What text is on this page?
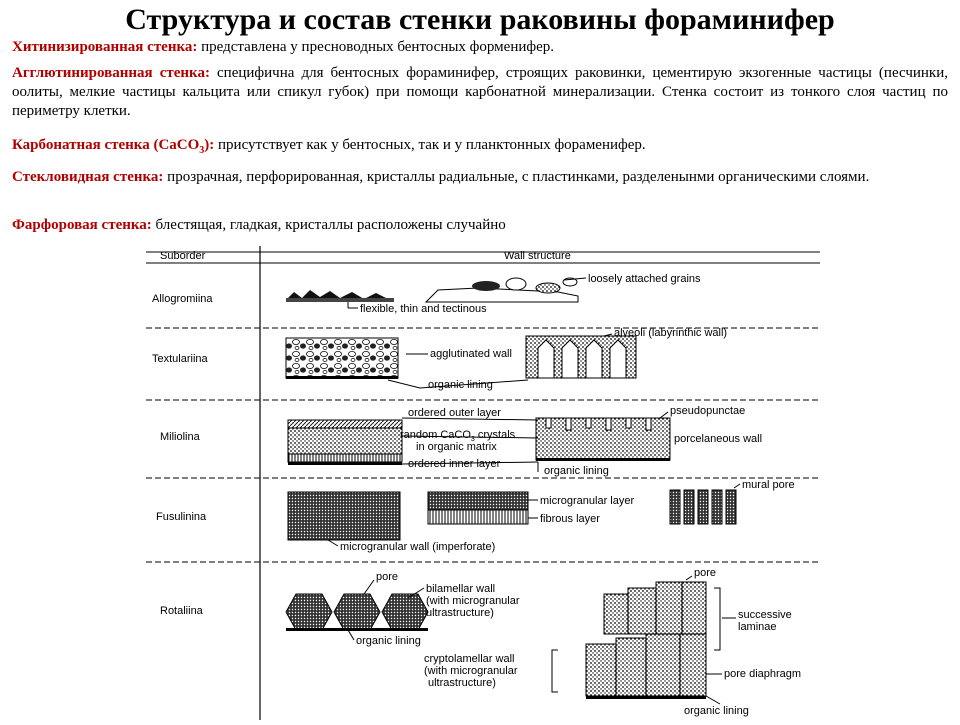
Структура и состав стенки раковины фораминифер
Хитинизированная стенка: представлена у пресноводных бентосных форменифер.
Агглютинированная стенка: специфична для бентосных фораминифер, строящих раковинки, цементирую экзогенные частицы (песчинки, оолиты, мелкие частицы кальцита или спикул губок) при помощи карбонатной минерализации. Стенка состоит из тонкого слоя частиц по периметру клетки.
Карбонатная стенка (CaCO$_3$): присутствует как у бентосных, так и у планктонных фораменифер.
Стекловидная стенка: прозрачная, перфорированная, кристаллы радиальные, с пластинками, разделенынми органическими слоями.
Фарфоровая стенка: блестящая, гладкая, кристаллы расположены случайно
Suborder	Wall structure
Allogromiina
Textulariina
Miliolina
Fusulinina
Rotaliina
loosely attached grains
flexible, thin and tectinous
agglutinated wall
alveoli (labyrinthic wall)
organic lining
ordered outer layer	pseudopunctae
random CaCO$_3$ crystals
in organic matrix
porcelaneous wall
organic lining
ordered inner layer
mural pore
microgranular layer
fibrous layer
microgranular wall (imperforate)
pore
bilamellar wall
(with microgranular
ultrastructure)
organic lining
pore
successive
laminae
cryptolamellar wall
(with microgranular
ultrastructure)
pore diaphragm
organic lining
